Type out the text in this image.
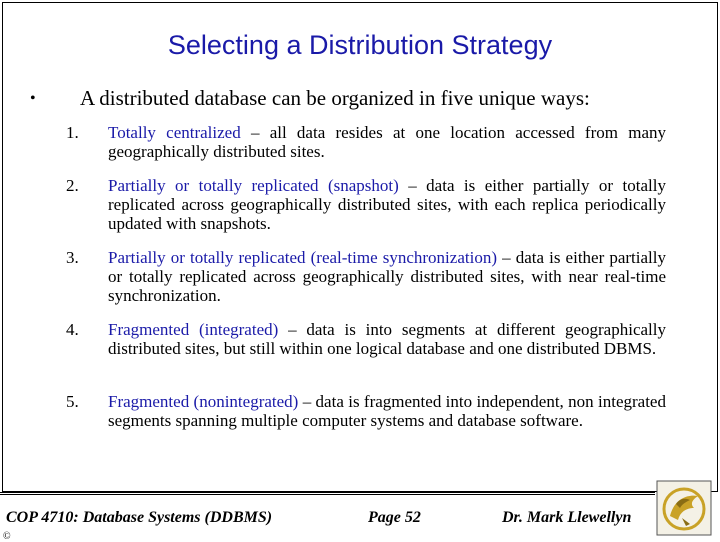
Selecting a Distribution Strategy
• A distributed database can be organized in five unique ways:
1.	Totally centralized – all data resides at one location accessed from many geographically distributed sites.
2.	Partially or totally replicated (snapshot) – data is either partially or totally replicated across geographically distributed sites, with each replica periodically updated with snapshots.
3.	Partially or totally replicated (real-time synchronization) – data is either partially or totally replicated across geographically distributed sites, with near real-time synchronization.
4.	Fragmented (integrated) – data is into segments at different geographically distributed sites, but still within one logical database and one distributed DBMS.
5.	Fragmented (nonintegrated) – data is fragmented into independent, non integrated segments spanning multiple computer systems and database software.
COP 4710: Database Systems (DDBMS)	Page 52	Dr. Mark Llewellyn
©
